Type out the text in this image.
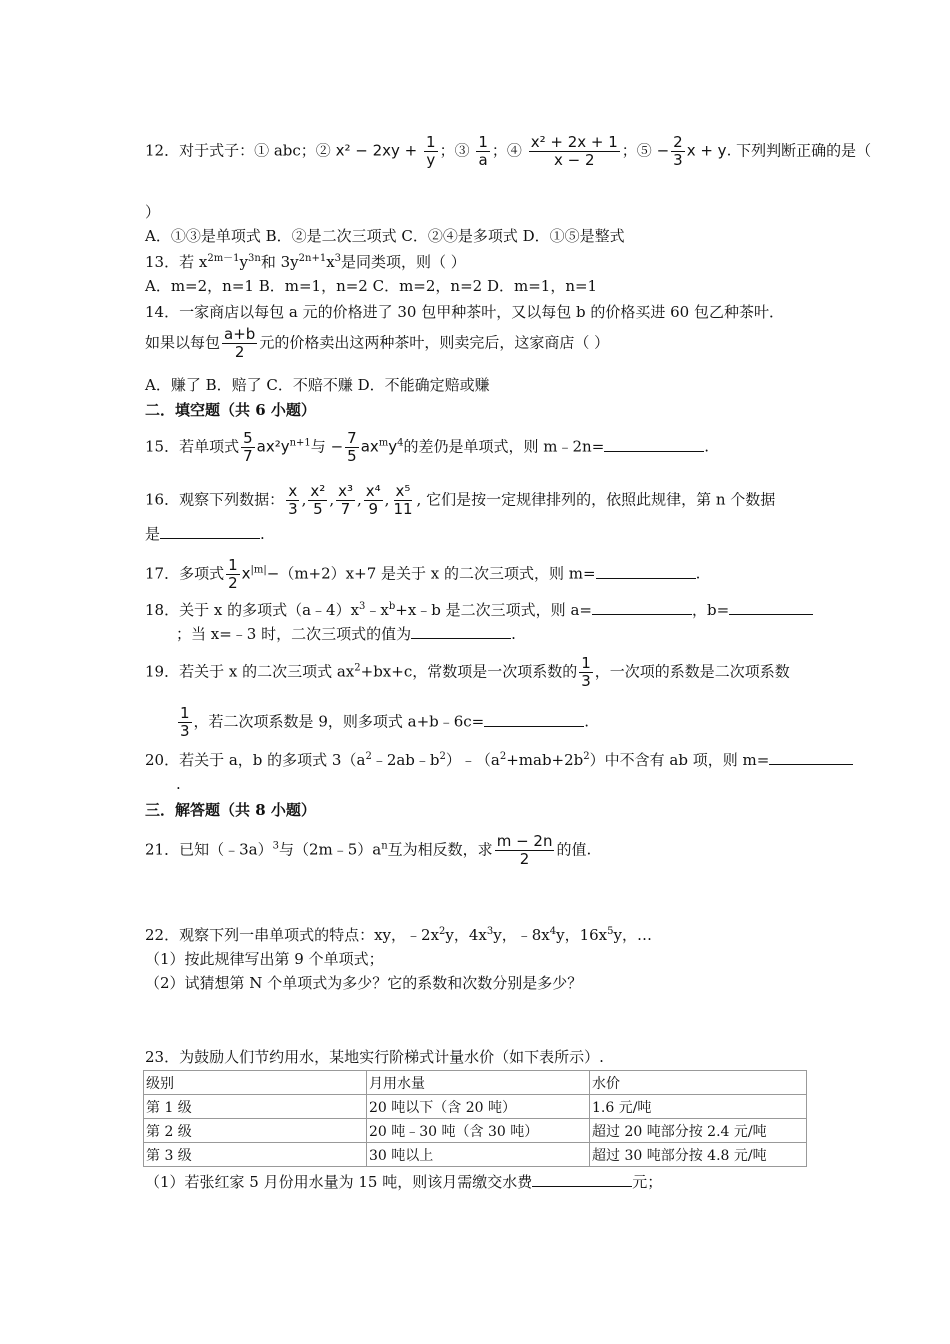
12．对于式子：① abc；② $x^2 - 2xy + \frac{1}{y}$ ；③ $\frac{1}{a}$ ；④ $\frac{\text{x² + 2x + 1}}{x - 2}$ ；⑤ − $\frac{2}{3}$ x + y. 下列判断正确的是（
）
A．①③是单项式 B．②是二次三项式 C．②④是多项式 D．①⑤是整式
13．若 $x^{2m-1}y^{3n}$和 $3y^{2n+1}x^3$是同类项，则（ ）
A．m=2，n=1 B．m=1，n=2 C．m=2，n=2 D．m=1，n=1
14．一家商店以每包 a 元的价格进了 30 包甲种茶叶，又以每包 b 的价格买进 60 包乙种茶叶．
如果以每包 $\frac{a+b}{2}$ 元的价格卖出这两种茶叶，则卖完后，这家商店（ ）
A．赚了 B．赔了 C．不赔不赚 D．不能确定赔或赚
二．填空题（共 6 小题）
15．若单项式 $\frac{5}{7} ax^2y^{n+1}$与 − $\frac{7}{5} ax^my^4$的差仍是单项式，则 m﹣2n=	.
16．观察下列数据： $\frac{x}{3}$ , $\frac{\text{x²}}{5}$ , $\frac{\text{x³}}{7}$ , $\frac{\text{x⁴}}{9}$ , $\frac{\text{x⁵}}{11}$ , 它们是按一定规律排列的，依照此规律，第 n 个数据
是	.
17．多项式 $\frac{1}{2} x^{|m|}-(m+2)x+7$ 是关于 x 的二次三项式，则 m=	.
18．关于 x 的多项式$(a﹣4)x^3﹣x^b+x﹣b$ 是二次三项式，则 a=	，b=
；当 x=﹣3 时，二次三项式的值为	.
19．若关于 x 的二次三项式 $ax^2+bx+c$，常数项是一次项系数的 $\frac{1}{3}$ ，一次项的系数是二次项系数
$\frac{1}{3}$ ，若二次项系数是 9，则多项式 a+b﹣6c=	.
20．若关于 a，b 的多项式 $3(a^2﹣2ab﹣b^2)﹣(a^2+mab+2b^2)$中不含有 ab 项，则 m=
.
三．解答题（共 8 小题）
21．已知（﹣3a）$^3$与$(2m﹣5)a^n$互为相反数，求 $\frac{m - 2n}{2}$ 的值.
22．观察下列一串单项式的特点：xy，$﹣2x^2y$，$4x^3y$，$﹣8x^4y$，$16x^5y$，…
（1）按此规律写出第 9 个单项式；
（2）试猜想第 N 个单项式为多少？它的系数和次数分别是多少？
23．为鼓励人们节约用水，某地实行阶梯式计量水价（如下表所示）.
级别	月用水量	水价
第 1 级	20 吨以下（含 20 吨）	1.6 元/吨
第 2 级	20 吨﹣30 吨（含 30 吨）	超过 20 吨部分按 2.4 元/吨
第 3 级	30 吨以上	超过 30 吨部分按 4.8 元/吨
（1）若张红家 5 月份用水量为 15 吨，则该月需缴交水费	元；
